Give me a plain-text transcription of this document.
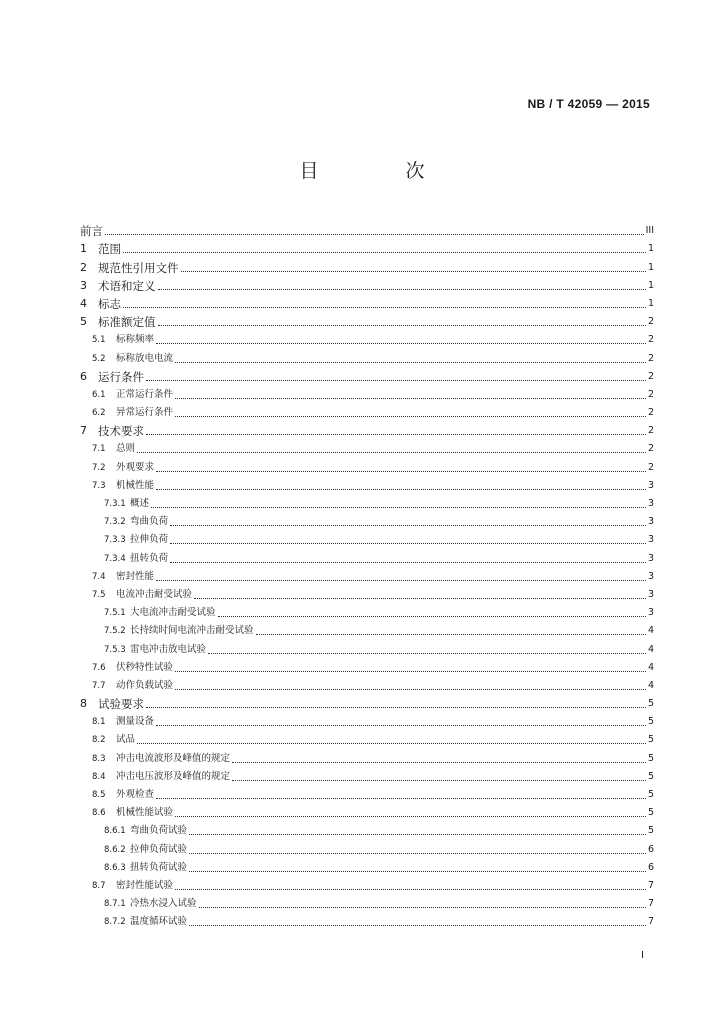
NB / T 42059 — 2015
目　次
前言	III
1 范围	1
2 规范性引用文件	1
3 术语和定义	1
4 标志	1
5 标准额定值	2
5.1	标称频率	2
5.2	标称放电电流	2
6 运行条件	2
6.1	正常运行条件	2
6.2	异常运行条件	2
7 技术要求	2
7.1	总则	2
7.2	外观要求	2
7.3	机械性能	3
7.3.1 概述	3
7.3.2 弯曲负荷	3
7.3.3 拉伸负荷	3
7.3.4 扭转负荷	3
7.4	密封性能	3
7.5	电流冲击耐受试验	3
7.5.1 大电流冲击耐受试验	3
7.5.2 长持续时间电流冲击耐受试验	4
7.5.3 雷电冲击放电试验	4
7.6	伏秒特性试验	4
7.7	动作负载试验	4
8 试验要求	5
8.1	测量设备	5
8.2	试品	5
8.3	冲击电流波形及峰值的规定	5
8.4	冲击电压波形及峰值的规定	5
8.5	外观检查	5
8.6	机械性能试验	5
8.6.1 弯曲负荷试验	5
8.6.2 拉伸负荷试验	6
8.6.3 扭转负荷试验	6
8.7	密封性能试验	7
8.7.1 冷热水浸入试验	7
8.7.2 温度循环试验	7
I
